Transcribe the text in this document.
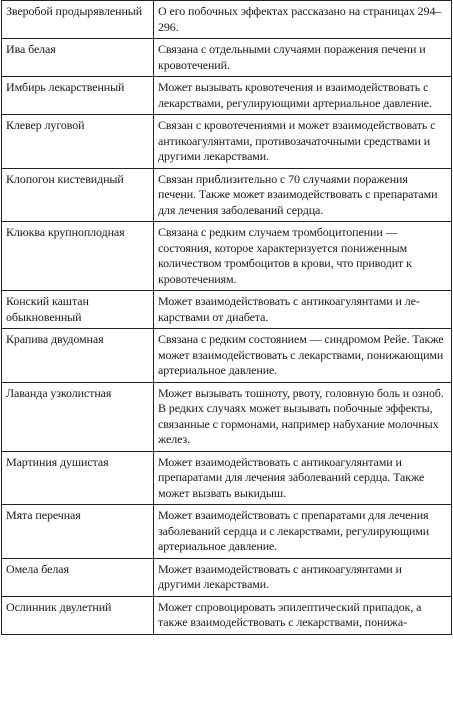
Зверобой продырявленный	О его побочных эффектах рассказано на страницах 294–296.
Ива белая	Связана с отдельными случаями поражения печени и кровотечений.
Имбирь лекарственный	Может вызывать кровотечения и взаимодействовать с лекарствами, регулирующими артериальное давление.
Клевер луговой	Связан с кровотечениями и может взаимодействовать с антикоагулянтами, противозачаточными средствами и другими лекарствами.
Клопогон кистевидный	Связан приблизительно с 70 случаями поражения печени. Также может взаимодействовать с препаратами для лечения заболеваний сердца.
Клюква крупноплодная	Связана с редким случаем тромбоцитопении — состояния, которое характеризуется пониженным количеством тромбоцитов в крови, что приводит к кровотечениям.
Конский каштан обыкновенный	Может взаимодействовать с антикоагулянтами и лекарствами от диабета.
Крапива двудомная	Связана с редким состоянием — синдромом Рейе. Также может взаимодействовать с лекарствами, понижающими артериальное давление.
Лаванда узколистная	Может вызывать тошноту, рвоту, головную боль и озноб. В редких случаях может вызывать побочные эффекты, связанные с гормонами, например набухание молочных желез.
Мартиния душистая	Может взаимодействовать с антикоагулянтами и препаратами для лечения заболеваний сердца. Также может вызвать выкидыш.
Мята перечная	Может взаимодействовать с препаратами для лечения заболеваний сердца и с лекарствами, регулирующими артериальное давление.
Омела белая	Может взаимодействовать с антикоагулянтами и другими лекарствами.
Ослинник двулетний	Может спровоцировать эпилептический припадок, а также взаимодействовать с лекарствами, понижа-
